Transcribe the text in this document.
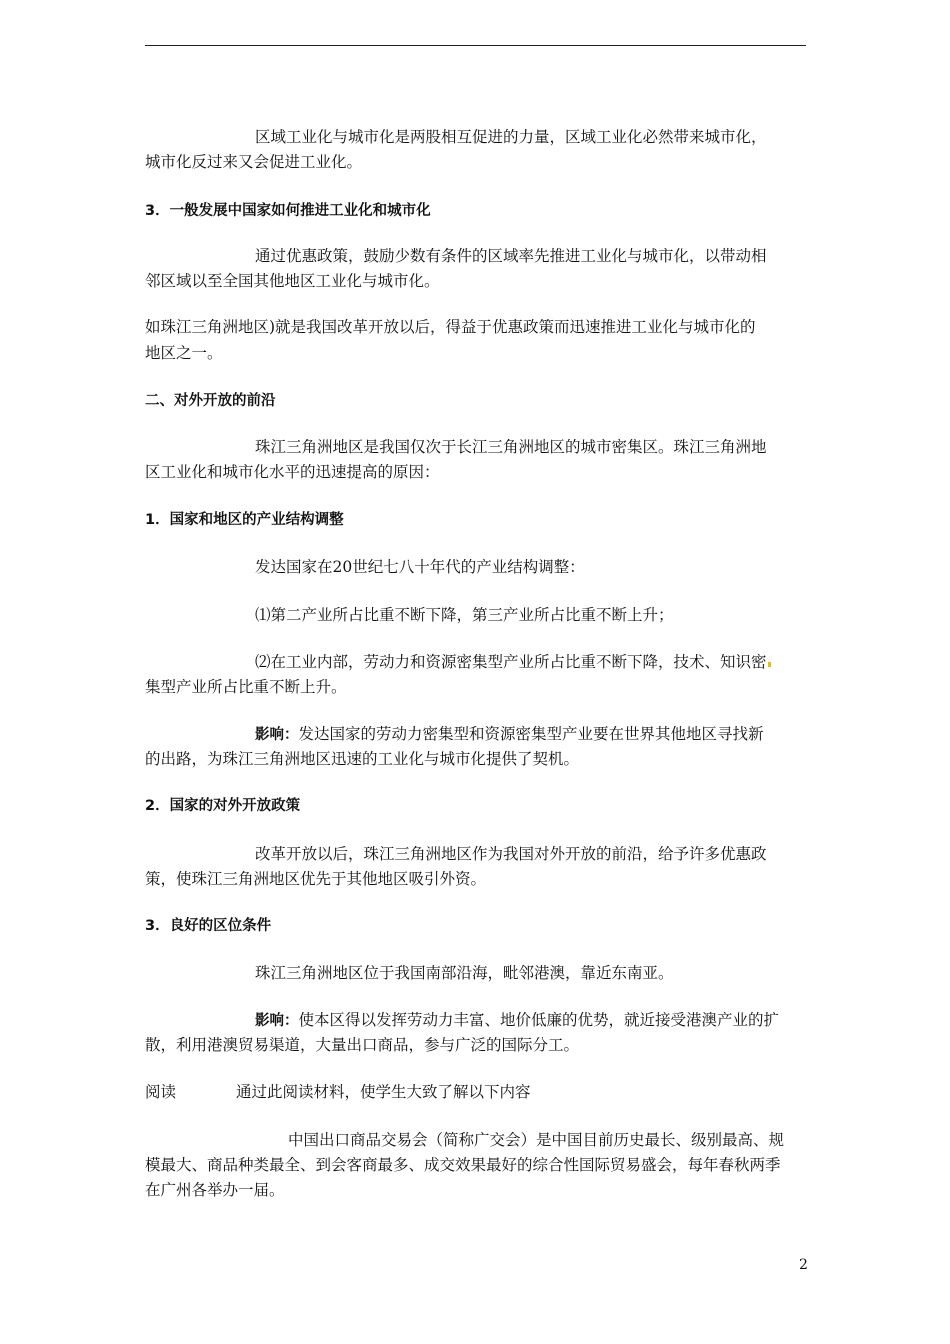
区域工业化与城市化是两股相互促进的力量，区域工业化必然带来城市化，
城市化反过来又会促进工业化。
3．一般发展中国家如何推进工业化和城市化
通过优惠政策，鼓励少数有条件的区域率先推进工业化与城市化，以带动相
邻区域以至全国其他地区工业化与城市化。
如珠江三角洲地区)就是我国改革开放以后，得益于优惠政策而迅速推进工业化与城市化的
地区之一。
二、对外开放的前沿
珠江三角洲地区是我国仅次于长江三角洲地区的城市密集区。珠江三角洲地
区工业化和城市化水平的迅速提高的原因：
1．国家和地区的产业结构调整
发达国家在20世纪七八十年代的产业结构调整：
⑴第二产业所占比重不断下降，第三产业所占比重不断上升；
⑵在工业内部，劳动力和资源密集型产业所占比重不断下降，技术、知识密
集型产业所占比重不断上升。
影响：发达国家的劳动力密集型和资源密集型产业要在世界其他地区寻找新
的出路，为珠江三角洲地区迅速的工业化与城市化提供了契机。
2．国家的对外开放政策
改革开放以后，珠江三角洲地区作为我国对外开放的前沿，给予许多优惠政
策，使珠江三角洲地区优先于其他地区吸引外资。
3．良好的区位条件
珠江三角洲地区位于我国南部沿海，毗邻港澳，靠近东南亚。
影响：使本区得以发挥劳动力丰富、地价低廉的优势，就近接受港澳产业的扩
散，利用港澳贸易渠道，大量出口商品，参与广泛的国际分工。
阅读	通过此阅读材料，使学生大致了解以下内容
中国出口商品交易会（简称广交会）是中国目前历史最长、级别最高、规
模最大、商品种类最全、到会客商最多、成交效果最好的综合性国际贸易盛会，每年春秋两季
在广州各举办一届。
2
